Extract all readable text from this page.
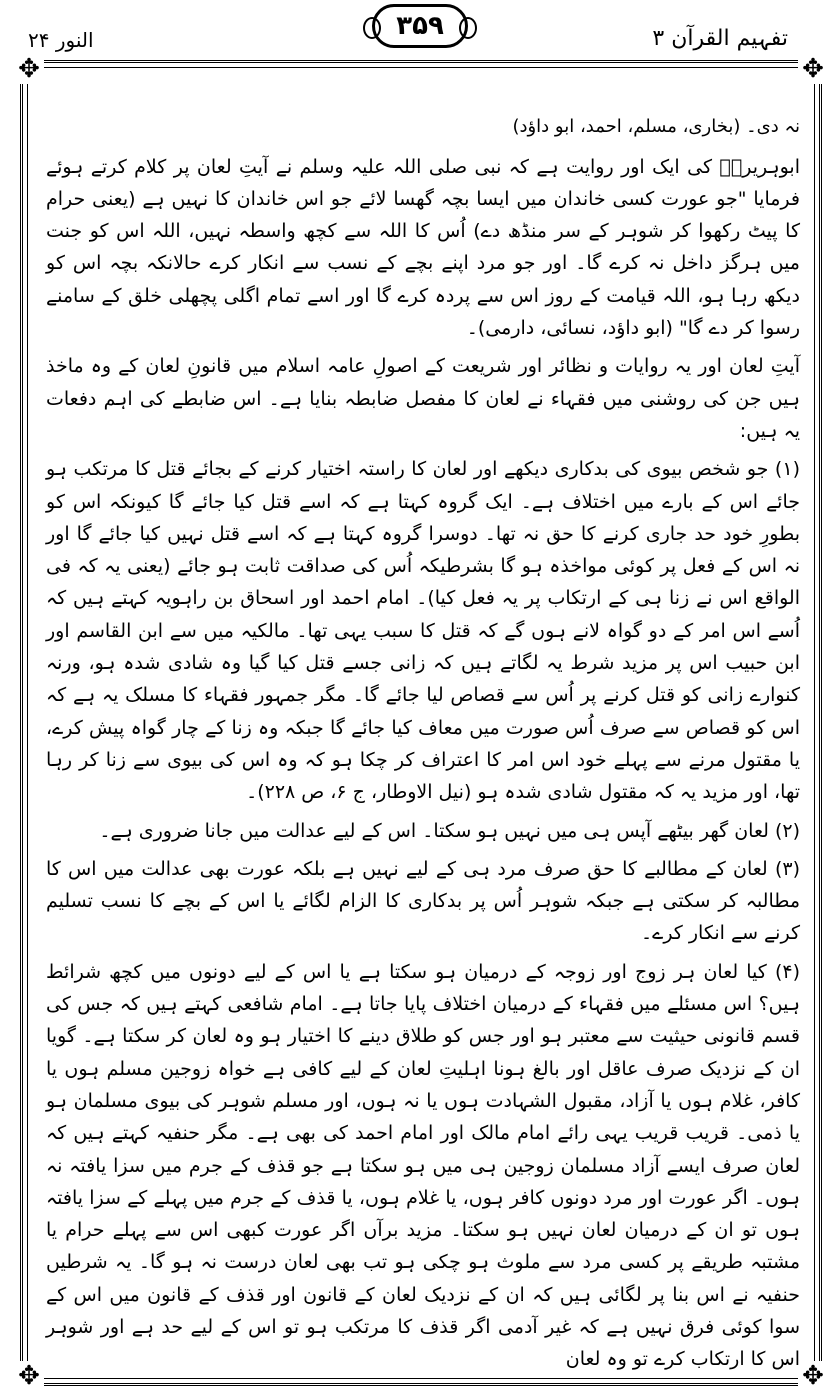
النور ۲۴	۳۵۹	تفہیم القرآن ۳
✥	✥
✥	✥

نہ دی۔ (بخاری، مسلم، احمد، ابو داؤد)

ابوہریرہؓ کی ایک اور روایت ہے کہ نبی صلی اللہ علیہ وسلم نے آیتِ لعان پر کلام کرتے ہوئے فرمایا "جو عورت کسی خاندان میں ایسا بچہ گھسا لائے جو اس خاندان کا نہیں ہے (یعنی حرام کا پیٹ رکھوا کر شوہر کے سر منڈھ دے) اُس کا اللہ سے کچھ واسطہ نہیں، اللہ اس کو جنت میں ہرگز داخل نہ کرے گا۔ اور جو مرد اپنے بچے کے نسب سے انکار کرے حالانکہ بچہ اس کو دیکھ رہا ہو، اللہ قیامت کے روز اس سے پردہ کرے گا اور اسے تمام اگلی پچھلی خلق کے سامنے رسوا کر دے گا" (ابو داؤد، نسائی، دارمی)۔

آیتِ لعان اور یہ روایات و نظائر اور شریعت کے اصولِ عامہ اسلام میں قانونِ لعان کے وہ ماخذ ہیں جن کی روشنی میں فقہاء نے لعان کا مفصل ضابطہ بنایا ہے۔ اس ضابطے کی اہم دفعات یہ ہیں:

(۱) جو شخص بیوی کی بدکاری دیکھے اور لعان کا راستہ اختیار کرنے کے بجائے قتل کا مرتکب ہو جائے اس کے بارے میں اختلاف ہے۔ ایک گروہ کہتا ہے کہ اسے قتل کیا جائے گا کیونکہ اس کو بطورِ خود حد جاری کرنے کا حق نہ تھا۔ دوسرا گروہ کہتا ہے کہ اسے قتل نہیں کیا جائے گا اور نہ اس کے فعل پر کوئی مواخذہ ہو گا بشرطیکہ اُس کی صداقت ثابت ہو جائے (یعنی یہ کہ فی الواقع اس نے زنا ہی کے ارتکاب پر یہ فعل کیا)۔ امام احمد اور اسحاق بن راہویہ کہتے ہیں کہ اُسے اس امر کے دو گواہ لانے ہوں گے کہ قتل کا سبب یہی تھا۔ مالکیہ میں سے ابن القاسم اور ابن حبیب اس پر مزید شرط یہ لگاتے ہیں کہ زانی جسے قتل کیا گیا وہ شادی شدہ ہو، ورنہ کنوارے زانی کو قتل کرنے پر اُس سے قصاص لیا جائے گا۔ مگر جمہور فقہاء کا مسلک یہ ہے کہ اس کو قصاص سے صرف اُس صورت میں معاف کیا جائے گا جبکہ وہ زنا کے چار گواہ پیش کرے، یا مقتول مرنے سے پہلے خود اس امر کا اعتراف کر چکا ہو کہ وہ اس کی بیوی سے زنا کر رہا تھا، اور مزید یہ کہ مقتول شادی شدہ ہو (نیل الاوطار، ج ۶، ص ۲۲۸)۔

(۲) لعان گھر بیٹھے آپس ہی میں نہیں ہو سکتا۔ اس کے لیے عدالت میں جانا ضروری ہے۔

(۳) لعان کے مطالبے کا حق صرف مرد ہی کے لیے نہیں ہے بلکہ عورت بھی عدالت میں اس کا مطالبہ کر سکتی ہے جبکہ شوہر اُس پر بدکاری کا الزام لگائے یا اس کے بچے کا نسب تسلیم کرنے سے انکار کرے۔

(۴) کیا لعان ہر زوج اور زوجہ کے درمیان ہو سکتا ہے یا اس کے لیے دونوں میں کچھ شرائط ہیں؟ اس مسئلے میں فقہاء کے درمیان اختلاف پایا جاتا ہے۔ امام شافعی کہتے ہیں کہ جس کی قسم قانونی حیثیت سے معتبر ہو اور جس کو طلاق دینے کا اختیار ہو وہ لعان کر سکتا ہے۔ گویا ان کے نزدیک صرف عاقل اور بالغ ہونا اہلیتِ لعان کے لیے کافی ہے خواہ زوجین مسلم ہوں یا کافر، غلام ہوں یا آزاد، مقبول الشہادت ہوں یا نہ ہوں، اور مسلم شوہر کی بیوی مسلمان ہو یا ذمی۔ قریب قریب یہی رائے امام مالک اور امام احمد کی بھی ہے۔ مگر حنفیہ کہتے ہیں کہ لعان صرف ایسے آزاد مسلمان زوجین ہی میں ہو سکتا ہے جو قذف کے جرم میں سزا یافتہ نہ ہوں۔ اگر عورت اور مرد دونوں کافر ہوں، یا غلام ہوں، یا قذف کے جرم میں پہلے کے سزا یافتہ ہوں تو ان کے درمیان لعان نہیں ہو سکتا۔ مزید برآں اگر عورت کبھی اس سے پہلے حرام یا مشتبہ طریقے پر کسی مرد سے ملوث ہو چکی ہو تب بھی لعان درست نہ ہو گا۔ یہ شرطیں حنفیہ نے اس بنا پر لگائی ہیں کہ ان کے نزدیک لعان کے قانون اور قذف کے قانون میں اس کے سوا کوئی فرق نہیں ہے کہ غیر آدمی اگر قذف کا مرتکب ہو تو اس کے لیے حد ہے اور شوہر اس کا ارتکاب کرے تو وہ لعان
